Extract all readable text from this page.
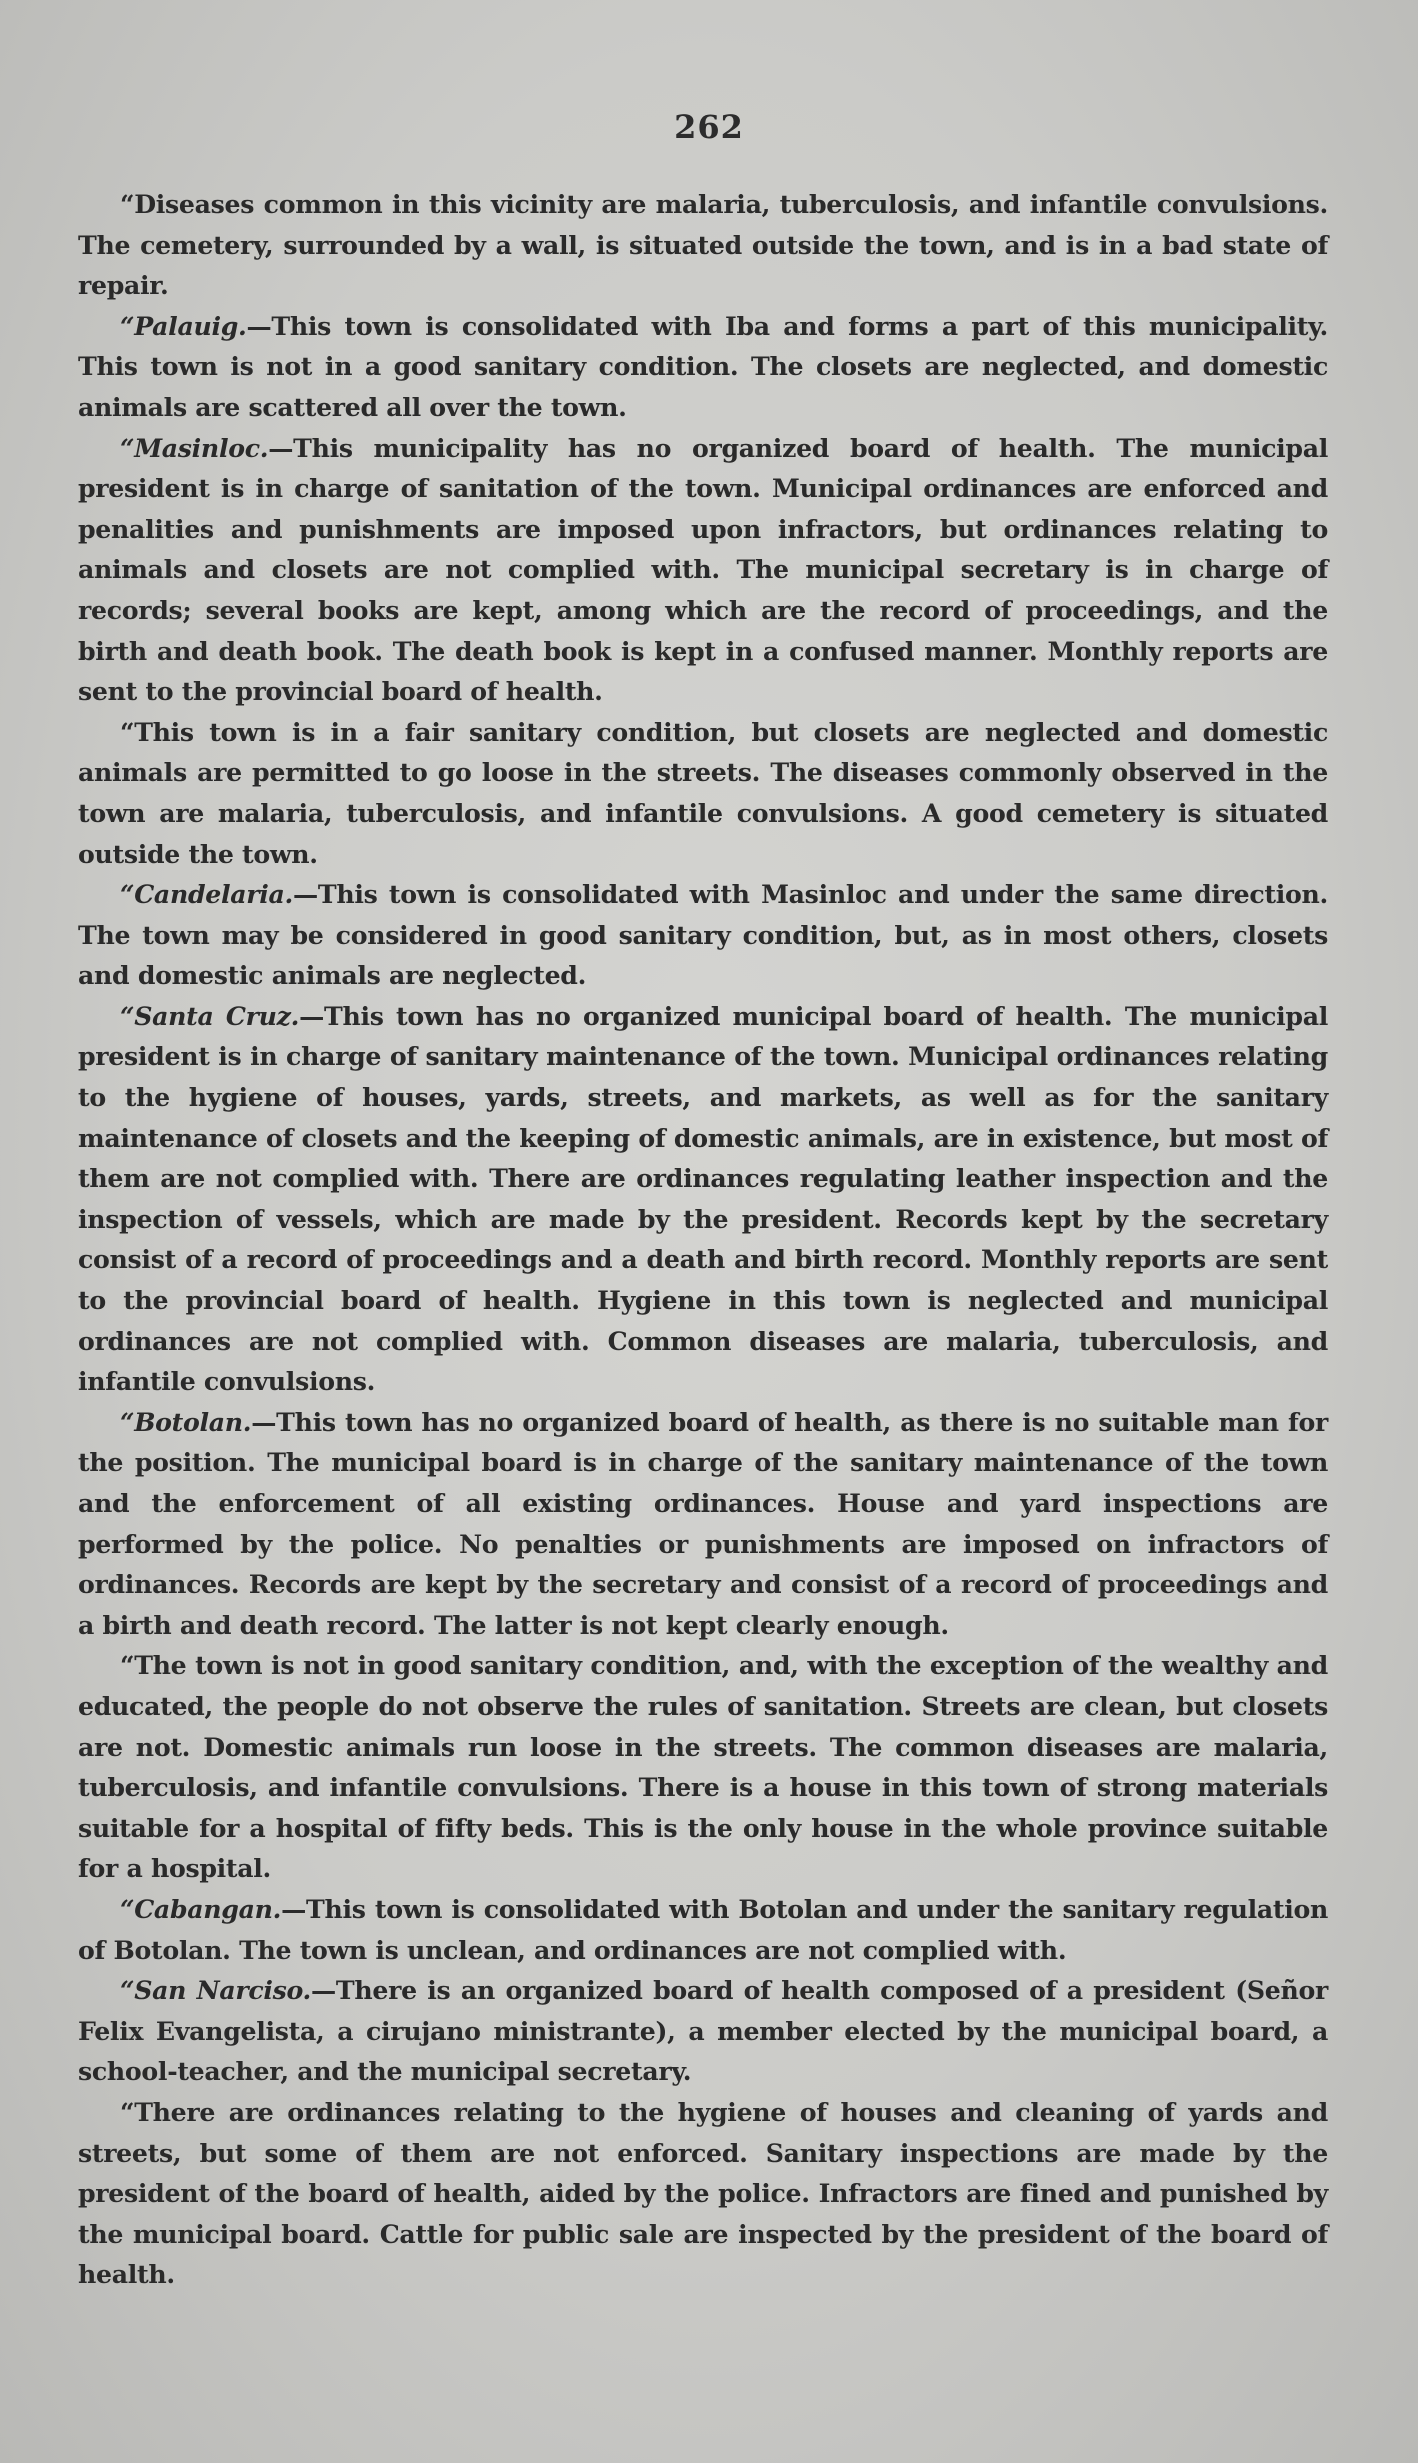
262

“Diseases common in this vicinity are malaria, tuberculosis, and infantile convulsions. The cemetery, surrounded by a wall, is situated outside the town, and is in a bad state of repair.

“Palauig.—This town is consolidated with Iba and forms a part of this municipality. This town is not in a good sanitary condition. The closets are neglected, and domestic animals are scattered all over the town.

“Masinloc.—This municipality has no organized board of health. The municipal president is in charge of sanitation of the town. Municipal ordinances are enforced and penalities and punishments are imposed upon infractors, but ordinances relating to animals and closets are not complied with. The municipal secretary is in charge of records; several books are kept, among which are the record of proceedings, and the birth and death book. The death book is kept in a confused manner. Monthly reports are sent to the provincial board of health.

“This town is in a fair sanitary condition, but closets are neglected and domestic animals are permitted to go loose in the streets. The diseases commonly observed in the town are malaria, tuberculosis, and infantile convulsions. A good cemetery is situated outside the town.

“Candelaria.—This town is consolidated with Masinloc and under the same direction. The town may be considered in good sanitary condition, but, as in most others, closets and domestic animals are neglected.

“Santa Cruz.—This town has no organized municipal board of health. The municipal president is in charge of sanitary maintenance of the town. Municipal ordinances relating to the hygiene of houses, yards, streets, and markets, as well as for the sanitary maintenance of closets and the keeping of domestic animals, are in existence, but most of them are not complied with. There are ordinances regulating leather inspection and the inspection of vessels, which are made by the president. Records kept by the secretary consist of a record of proceedings and a death and birth record. Monthly reports are sent to the provincial board of health. Hygiene in this town is neglected and municipal ordinances are not complied with. Common diseases are malaria, tuberculosis, and infantile convulsions.

“Botolan.—This town has no organized board of health, as there is no suitable man for the position. The municipal board is in charge of the sanitary maintenance of the town and the enforcement of all existing ordinances. House and yard inspections are performed by the police. No penalties or punishments are imposed on infractors of ordinances. Records are kept by the secretary and consist of a record of proceedings and a birth and death record. The latter is not kept clearly enough.

“The town is not in good sanitary condition, and, with the exception of the wealthy and educated, the people do not observe the rules of sanitation. Streets are clean, but closets are not. Domestic animals run loose in the streets. The common diseases are malaria, tuberculosis, and infantile convulsions. There is a house in this town of strong materials suitable for a hospital of fifty beds. This is the only house in the whole province suitable for a hospital.

“Cabangan.—This town is consolidated with Botolan and under the sanitary regulation of Botolan. The town is unclean, and ordinances are not complied with.

“San Narciso.—There is an organized board of health composed of a president (Señor Felix Evangelista, a cirujano ministrante), a member elected by the municipal board, a school-teacher, and the municipal secretary.

“There are ordinances relating to the hygiene of houses and cleaning of yards and streets, but some of them are not enforced. Sanitary inspections are made by the president of the board of health, aided by the police. Infractors are fined and punished by the municipal board. Cattle for public sale are inspected by the president of the board of health.
